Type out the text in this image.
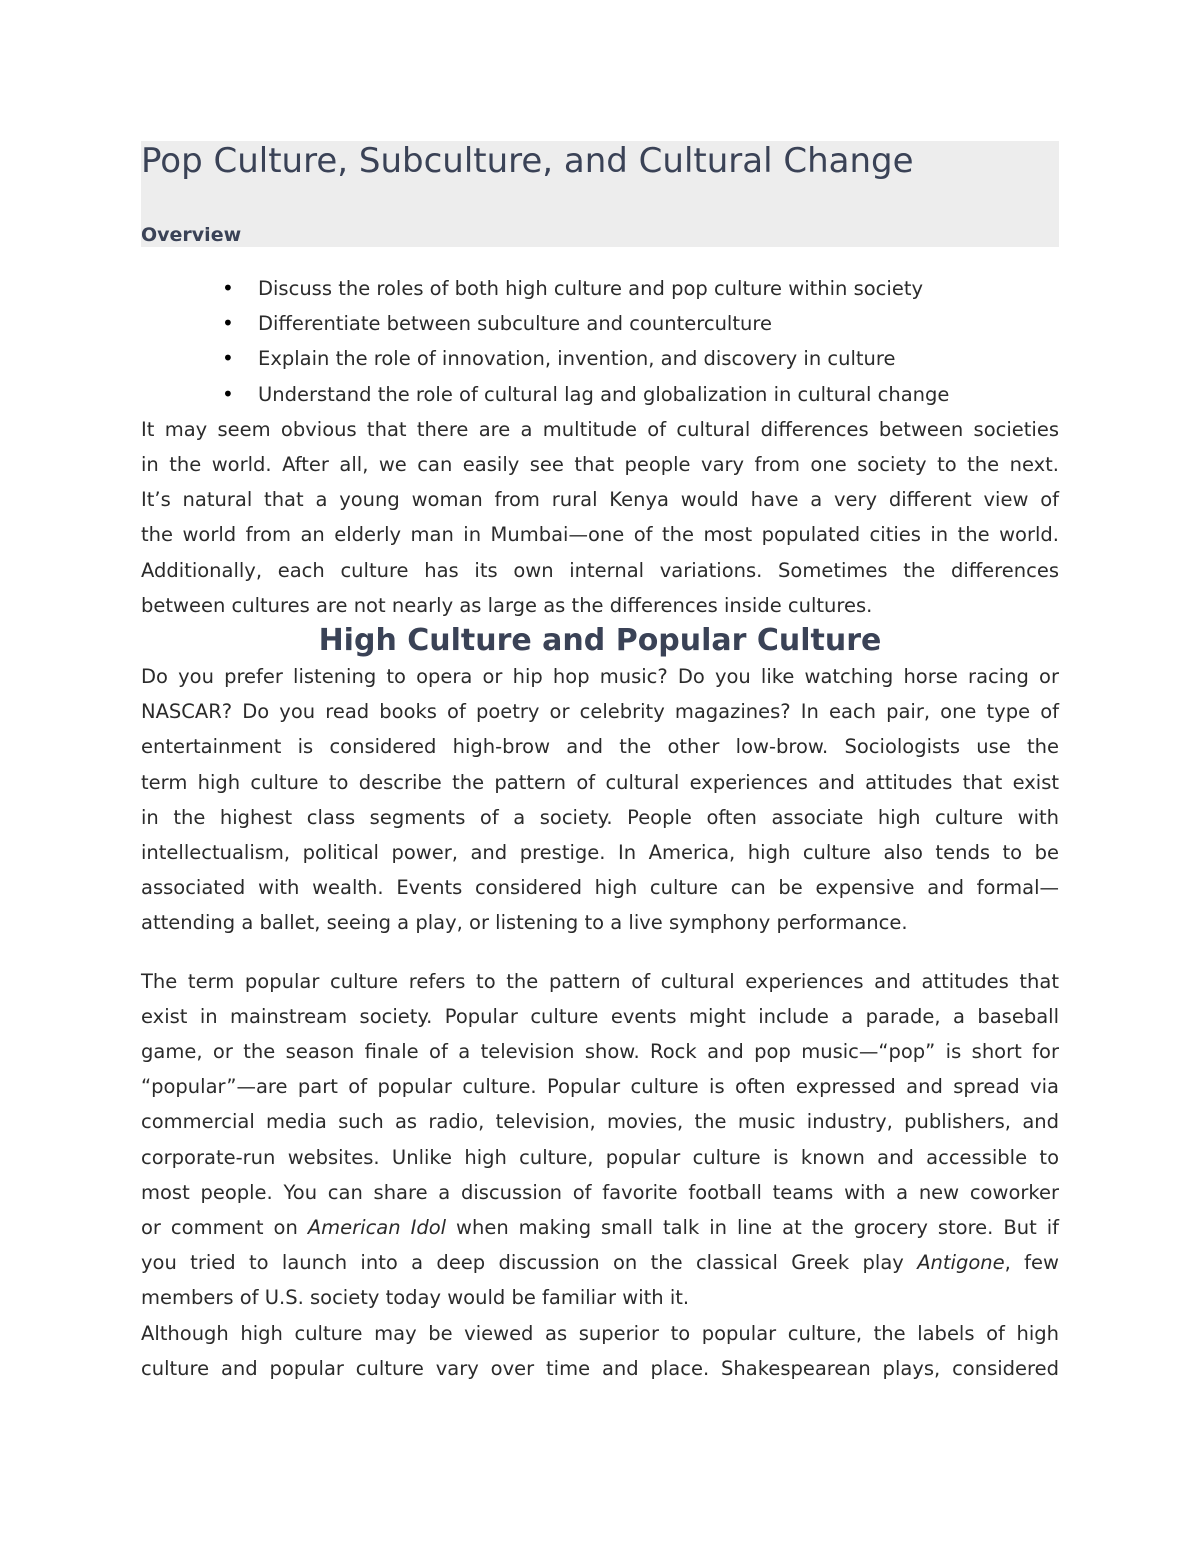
Pop Culture, Subculture, and Cultural Change
Overview
• Discuss the roles of both high culture and pop culture within society
• Differentiate between subculture and counterculture
• Explain the role of innovation, invention, and discovery in culture
• Understand the role of cultural lag and globalization in cultural change

It may seem obvious that there are a multitude of cultural differences between societies
in the world. After all, we can easily see that people vary from one society to the next.
It’s natural that a young woman from rural Kenya would have a very different view of
the world from an elderly man in Mumbai—one of the most populated cities in the world.
Additionally, each culture has its own internal variations. Sometimes the differences
between cultures are not nearly as large as the differences inside cultures.

High Culture and Popular Culture

Do you prefer listening to opera or hip hop music? Do you like watching horse racing or
NASCAR? Do you read books of poetry or celebrity magazines? In each pair, one type of
entertainment is considered high-brow and the other low-brow. Sociologists use the
term high culture to describe the pattern of cultural experiences and attitudes that exist
in the highest class segments of a society. People often associate high culture with
intellectualism, political power, and prestige. In America, high culture also tends to be
associated with wealth. Events considered high culture can be expensive and formal—
attending a ballet, seeing a play, or listening to a live symphony performance.

The term popular culture refers to the pattern of cultural experiences and attitudes that
exist in mainstream society. Popular culture events might include a parade, a baseball
game, or the season finale of a television show. Rock and pop music—“pop” is short for
“popular”—are part of popular culture. Popular culture is often expressed and spread via
commercial media such as radio, television, movies, the music industry, publishers, and
corporate-run websites. Unlike high culture, popular culture is known and accessible to
most people. You can share a discussion of favorite football teams with a new coworker
or comment on American Idol when making small talk in line at the grocery store. But if
you tried to launch into a deep discussion on the classical Greek play Antigone, few
members of U.S. society today would be familiar with it.

Although high culture may be viewed as superior to popular culture, the labels of high
culture and popular culture vary over time and place. Shakespearean plays, considered
